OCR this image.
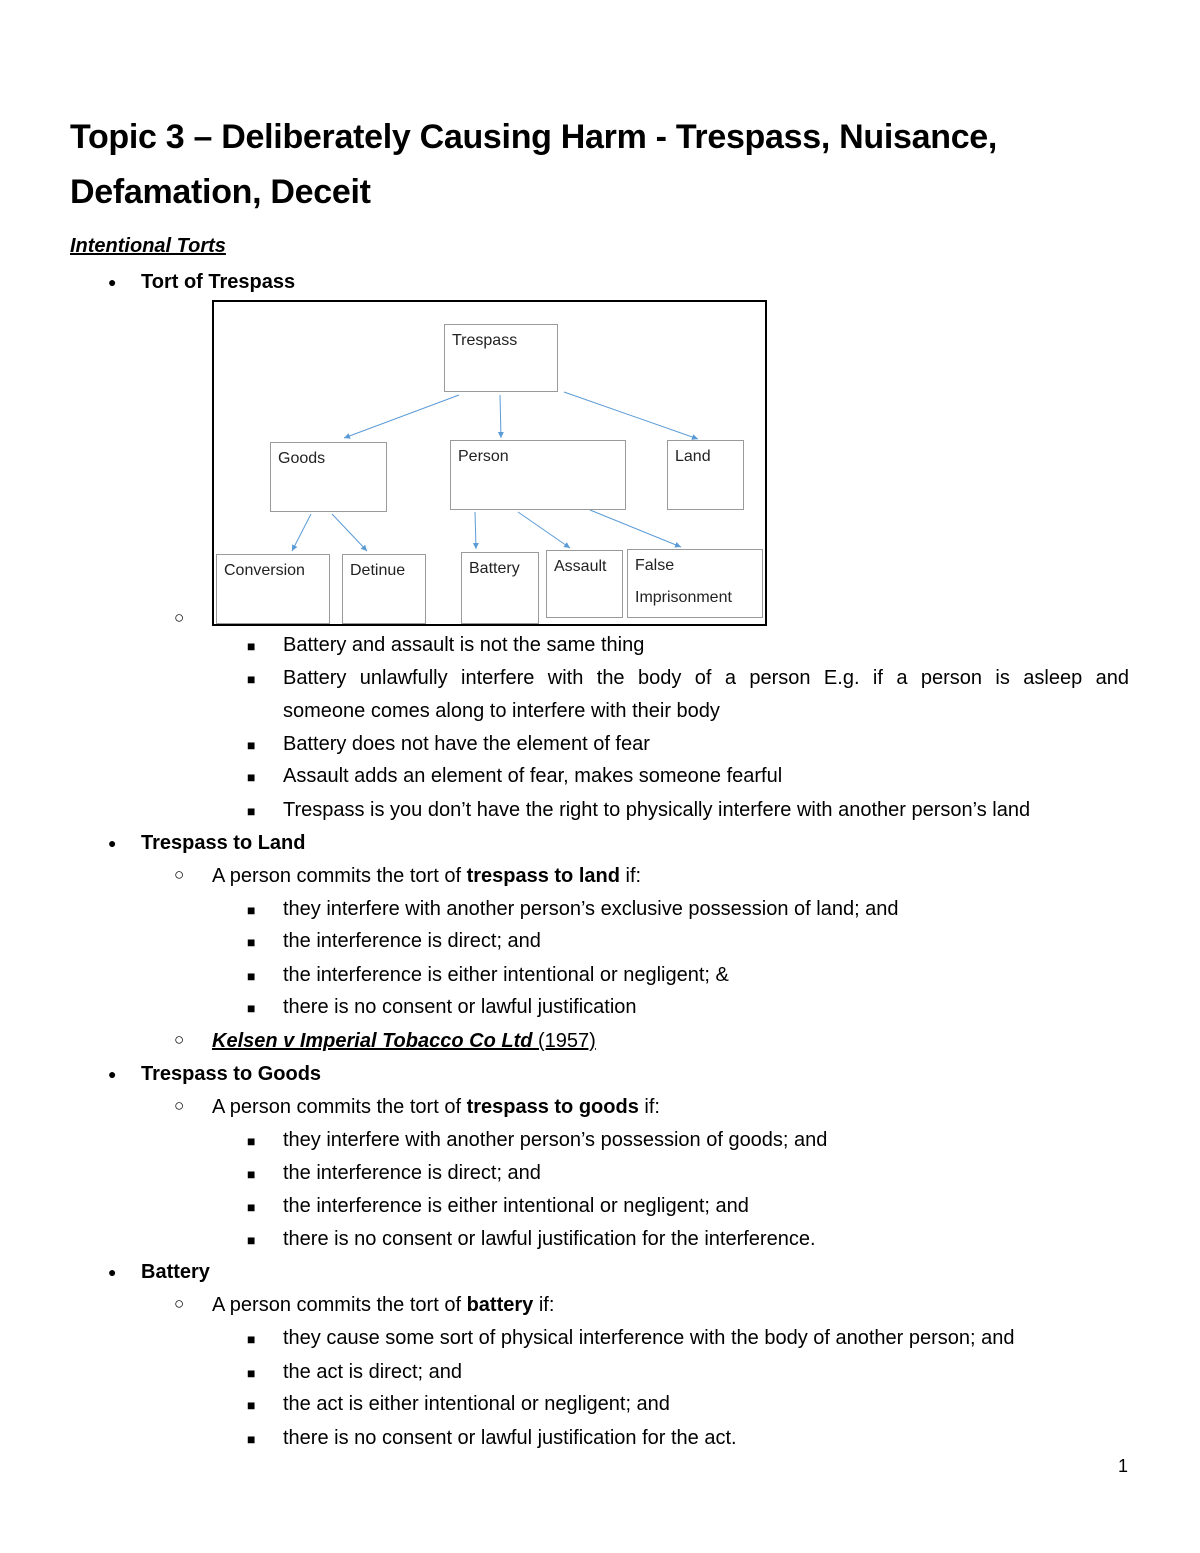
Topic 3 – Deliberately Causing Harm - Trespass, Nuisance, Defamation, Deceit
Intentional Torts
● Tort of Trespass
Trespass
Goods	Person	Land
Conversion	Detinue	Battery	Assault	False
Imprisonment
○
■ Battery and assault is not the same thing
■ Battery unlawfully interfere with the body of a person E.g. if a person is asleep and
someone comes along to interfere with their body
■ Battery does not have the element of fear
■ Assault adds an element of fear, makes someone fearful
■ Trespass is you don’t have the right to physically interfere with another person’s land
● Trespass to Land
○ A person commits the tort of trespass to land if:
■ they interfere with another person’s exclusive possession of land; and
■ the interference is direct; and
■ the interference is either intentional or negligent; &
■ there is no consent or lawful justification
○ Kelsen v Imperial Tobacco Co Ltd (1957)
● Trespass to Goods
○ A person commits the tort of trespass to goods if:
■ they interfere with another person’s possession of goods; and
■ the interference is direct; and
■ the interference is either intentional or negligent; and
■ there is no consent or lawful justification for the interference.
● Battery
○ A person commits the tort of battery if:
■ they cause some sort of physical interference with the body of another person; and
■ the act is direct; and
■ the act is either intentional or negligent; and
■ there is no consent or lawful justification for the act.
1
